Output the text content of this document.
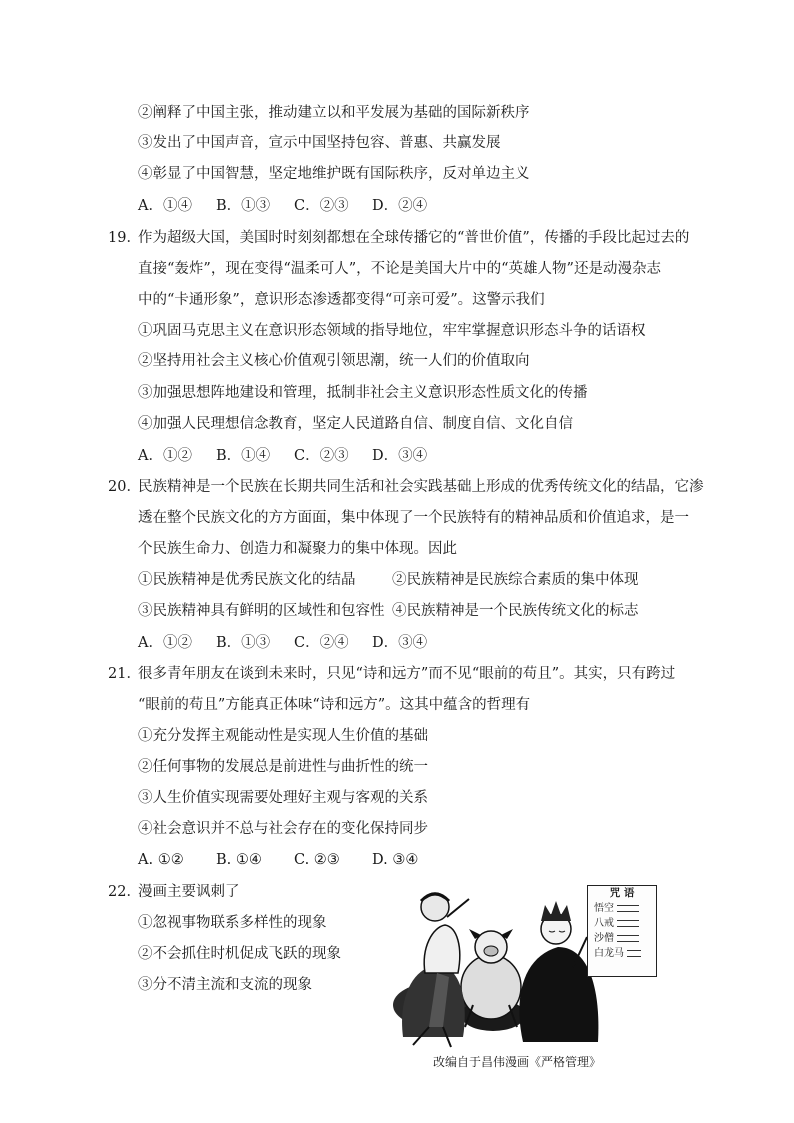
②阐释了中国主张，推动建立以和平发展为基础的国际新秩序
③发出了中国声音，宣示中国坚持包容、普惠、共赢发展
④彰显了中国智慧，坚定地维护既有国际秩序，反对单边主义
A．①④ B．①③ C．②③ D．②④
19．
作为超级大国，美国时时刻刻都想在全球传播它的“普世价值”，传播的手段比起过去的
直接“轰炸”，现在变得“温柔可人”，不论是美国大片中的“英雄人物”还是动漫杂志
中的“卡通形象”，意识形态渗透都变得“可亲可爱”。这警示我们
①巩固马克思主义在意识形态领域的指导地位，牢牢掌握意识形态斗争的话语权
②坚持用社会主义核心价值观引领思潮，统一人们的价值取向
③加强思想阵地建设和管理，抵制非社会主义意识形态性质文化的传播
④加强人民理想信念教育，坚定人民道路自信、制度自信、文化自信
A．①② B．①④ C．②③ D．③④
20．
民族精神是一个民族在长期共同生活和社会实践基础上形成的优秀传统文化的结晶，它渗
透在整个民族文化的方方面面，集中体现了一个民族特有的精神品质和价值追求，是一
个民族生命力、创造力和凝聚力的集中体现。因此
①民族精神是优秀民族文化的结晶	②民族精神是民族综合素质的集中体现
③民族精神具有鲜明的区域性和包容性 ④民族精神是一个民族传统文化的标志
A．①② B．①③ C．②④ D．③④
21．
很多青年朋友在谈到未来时，只见“诗和远方”而不见“眼前的苟且”。其实，只有跨过
“眼前的苟且”方能真正体味“诗和远方”。这其中蕴含的哲理有
①充分发挥主观能动性是实现人生价值的基础
②任何事物的发展总是前进性与曲折性的统一
③人生价值实现需要处理好主观与客观的关系
④社会意识并不总与社会存在的变化保持同步
A. ①② B. ①④ C. ②③ D. ③④
22．
漫画主要讽刺了
①忽视事物联系多样性的现象
②不会抓住时机促成飞跃的现象
③分不清主流和支流的现象
咒 语
悟空
八戒
沙僧
白龙马
改编自于昌伟漫画《严格管理》
